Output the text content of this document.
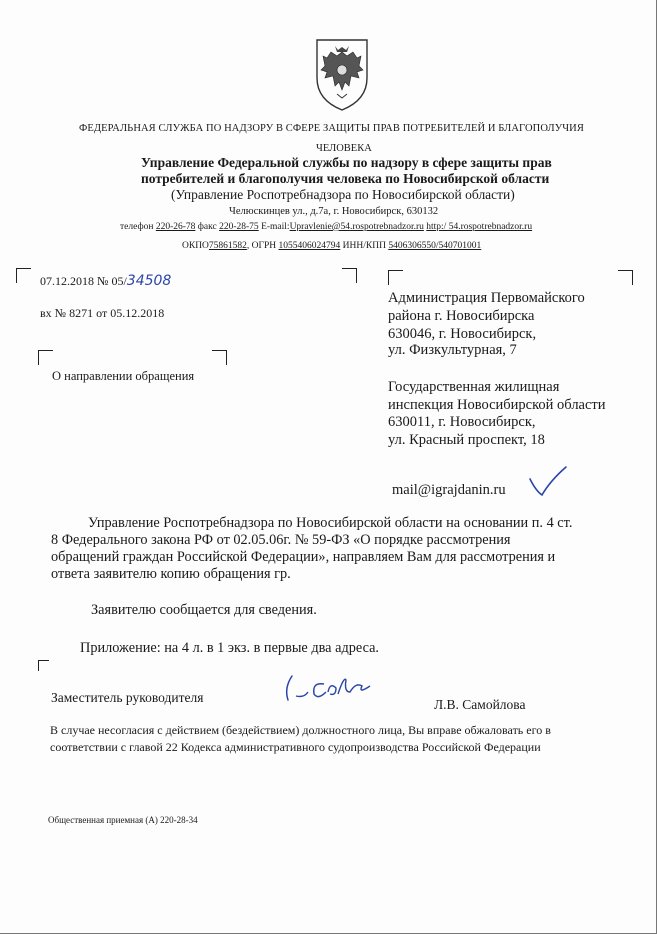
ФЕДЕРАЛЬНАЯ СЛУЖБА ПО НАДЗОРУ В СФЕРЕ ЗАЩИТЫ ПРАВ ПОТРЕБИТЕЛЕЙ И БЛАГОПОЛУЧИЯ
ЧЕЛОВЕКА
Управление Федеральной службы по надзору в сфере защиты прав
потребителей и благополучия человека по Новосибирской области
(Управление Роспотребнадзора по Новосибирской области)
Челюскинцев ул., д.7а, г. Новосибирск, 630132
телефон 220-26-78 факс 220-28-75 E-mail:Upravlenie@54.rospotrebnadzor.ru http:/ 54.rospotrebnadzor.ru
ОКПО75861582, ОГРН 1055406024794 ИНН/КПП 5406306550/540701001
07.12.2018 № 05/34508
вх № 8271 от 05.12.2018
О направлении обращения
Администрация Первомайского
района г. Новосибирска
630046, г. Новосибирск,
ул. Физкультурная, 7
Государственная жилищная
инспекция Новосибирской области
630011, г. Новосибирск,
ул. Красный проспект, 18
mail@igrajdanin.ru
Управление Роспотребнадзора по Новосибирской области на основании п. 4 ст.
8 Федерального закона РФ от 02.05.06г. № 59-ФЗ «О порядке рассмотрения
обращений граждан Российской Федерации», направляем Вам для рассмотрения и
ответа заявителю копию обращения гр.
Заявителю сообщается для сведения.
Приложение: на 4 л. в 1 экз. в первые два адреса.
Заместитель руководителя	Л.В. Самойлова
В случае несогласия с действием (бездействием) должностного лица, Вы вправе обжаловать его в соответствии с главой 22 Кодекса административного судопроизводства Российской Федерации
Общественная приемная (А) 220-28-34
